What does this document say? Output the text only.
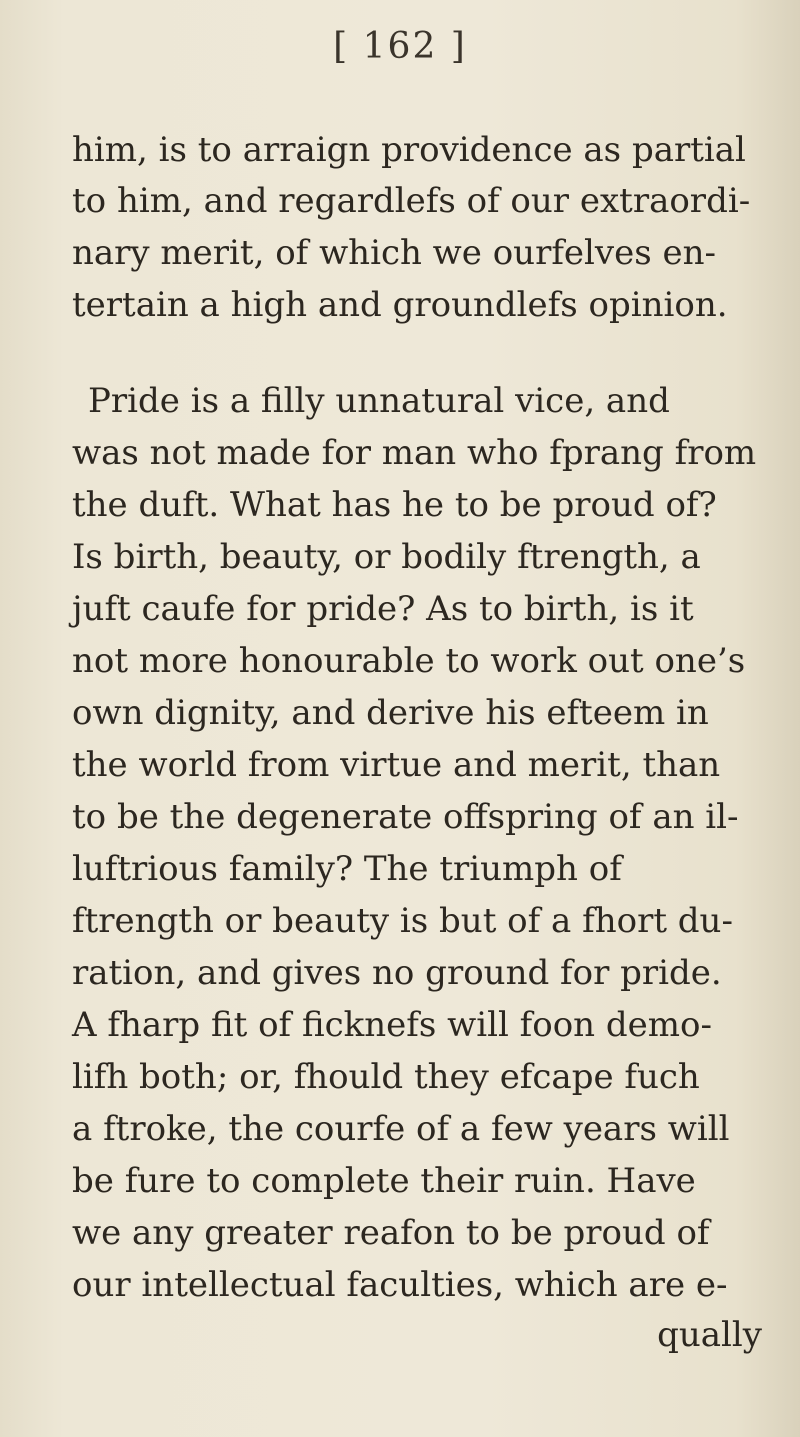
[ 162 ]
him, is to arraign providence as partial
to him, and regardlefs of our extraordi-
nary merit, of which we ourfelves en-
tertain a high and groundlefs opinion.
Pride is a filly unnatural vice, and
was not made for man who fprang from
the duft. What has he to be proud of?
Is birth, beauty, or bodily ftrength, a
juft caufe for pride? As to birth, is it
not more honourable to work out one’s
own dignity, and derive his efteem in
the world from virtue and merit, than
to be the degenerate offspring of an il-
luftrious family? The triumph of
ftrength or beauty is but of a fhort du-
ration, and gives no ground for pride.
A fharp fit of ficknefs will foon demo-
lifh both; or, fhould they efcape fuch
a ftroke, the courfe of a few years will
be fure to complete their ruin. Have
we any greater reafon to be proud of
our intellectual faculties, which are e-
qually
